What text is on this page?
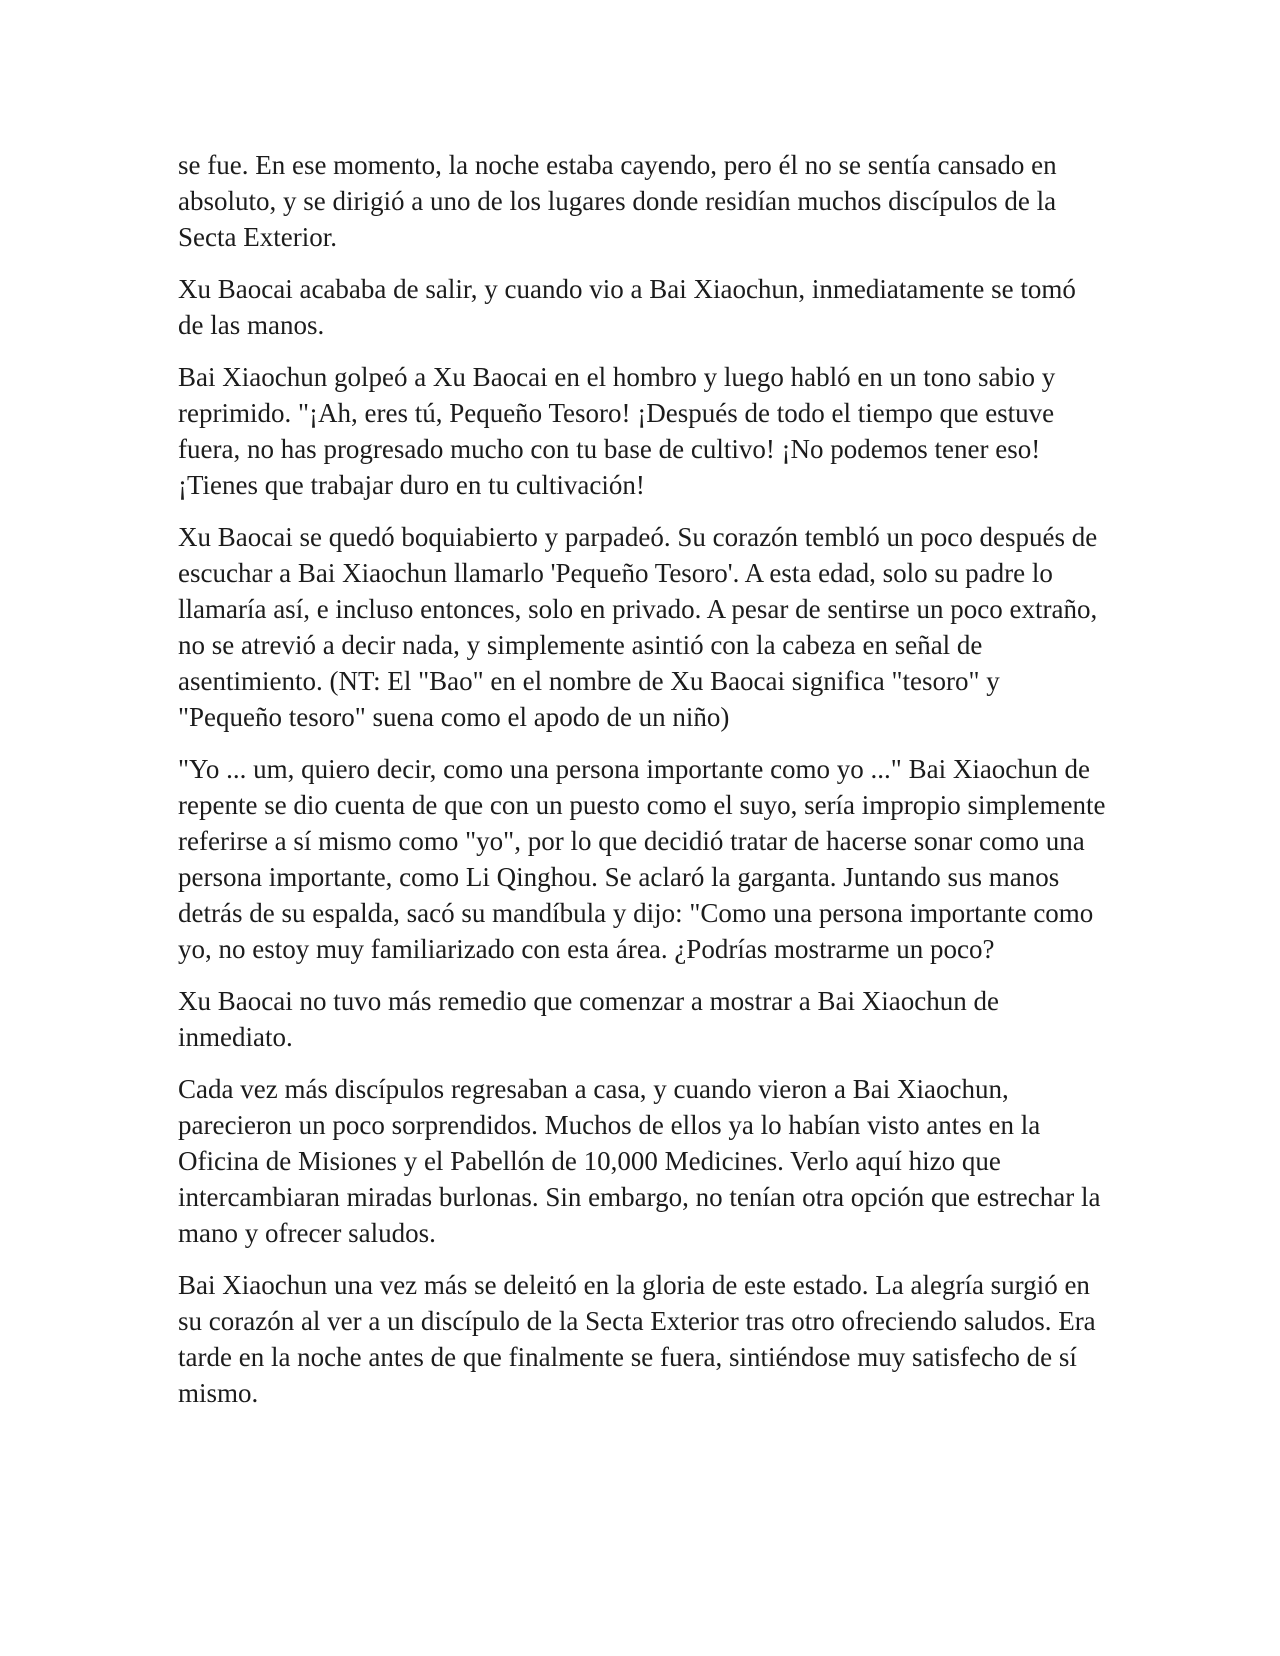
se fue. En ese momento, la noche estaba cayendo, pero él no se sentía cansado en absoluto, y se dirigió a uno de los lugares donde residían muchos discípulos de la Secta Exterior.

Xu Baocai acababa de salir, y cuando vio a Bai Xiaochun, inmediatamente se tomó de las manos.

Bai Xiaochun golpeó a Xu Baocai en el hombro y luego habló en un tono sabio y reprimido. "¡Ah, eres tú, Pequeño Tesoro! ¡Después de todo el tiempo que estuve fuera, no has progresado mucho con tu base de cultivo! ¡No podemos tener eso! ¡Tienes que trabajar duro en tu cultivación!

Xu Baocai se quedó boquiabierto y parpadeó. Su corazón tembló un poco después de escuchar a Bai Xiaochun llamarlo 'Pequeño Tesoro'. A esta edad, solo su padre lo llamaría así, e incluso entonces, solo en privado. A pesar de sentirse un poco extraño, no se atrevió a decir nada, y simplemente asintió con la cabeza en señal de asentimiento. (NT: El "Bao" en el nombre de Xu Baocai significa "tesoro" y "Pequeño tesoro" suena como el apodo de un niño)

"Yo ... um, quiero decir, como una persona importante como yo ..." Bai Xiaochun de repente se dio cuenta de que con un puesto como el suyo, sería impropio simplemente referirse a sí mismo como "yo", por lo que decidió tratar de hacerse sonar como una persona importante, como Li Qinghou. Se aclaró la garganta. Juntando sus manos detrás de su espalda, sacó su mandíbula y dijo: "Como una persona importante como yo, no estoy muy familiarizado con esta área. ¿Podrías mostrarme un poco?

Xu Baocai no tuvo más remedio que comenzar a mostrar a Bai Xiaochun de inmediato.

Cada vez más discípulos regresaban a casa, y cuando vieron a Bai Xiaochun, parecieron un poco sorprendidos. Muchos de ellos ya lo habían visto antes en la Oficina de Misiones y el Pabellón de 10,000 Medicines. Verlo aquí hizo que intercambiaran miradas burlonas. Sin embargo, no tenían otra opción que estrechar la mano y ofrecer saludos.

Bai Xiaochun una vez más se deleitó en la gloria de este estado. La alegría surgió en su corazón al ver a un discípulo de la Secta Exterior tras otro ofreciendo saludos. Era tarde en la noche antes de que finalmente se fuera, sintiéndose muy satisfecho de sí mismo.
